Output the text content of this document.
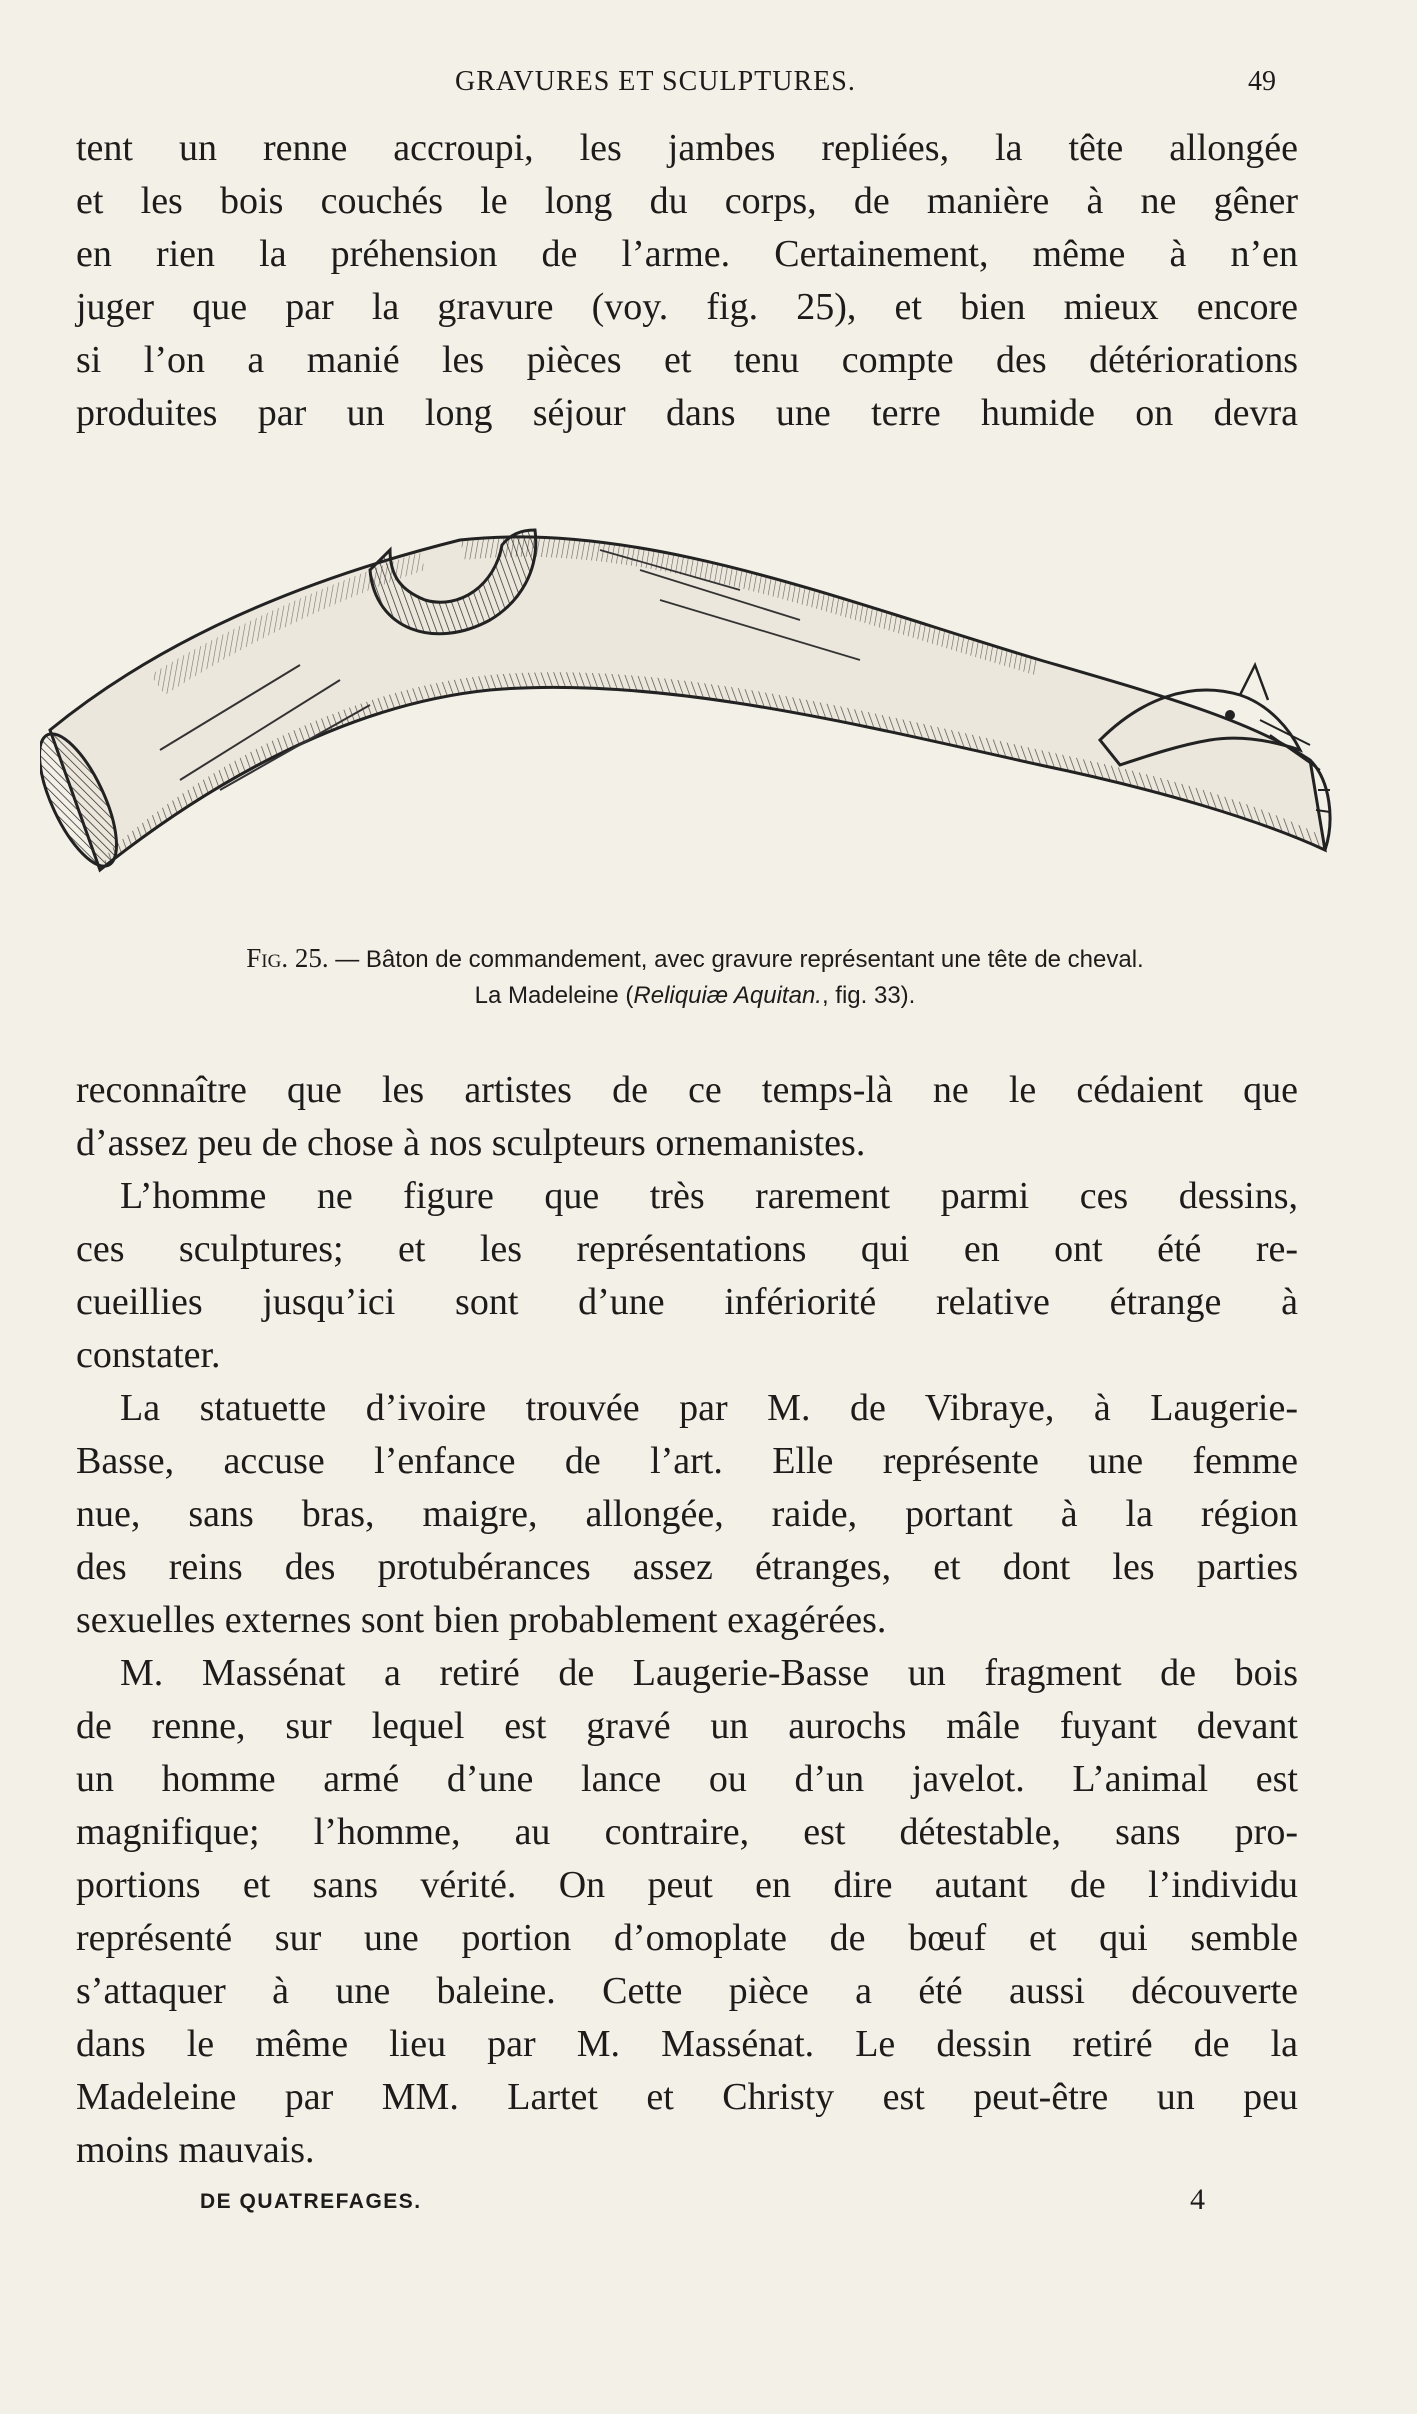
GRAVURES ET SCULPTURES.	49
tent un renne accroupi, les jambes repliées, la tête allongée
et les bois couchés le long du corps, de manière à ne gêner
en rien la préhension de l’arme. Certainement, même à n’en
juger que par la gravure (voy. fig. 25), et bien mieux encore
si l’on a manié les pièces et tenu compte des détériorations
produites par un long séjour dans une terre humide on devra
Fig. 25. — Bâton de commandement, avec gravure représentant une tête de cheval.
La Madeleine (Reliquiæ Aquitan., fig. 33).
reconnaître que les artistes de ce temps-là ne le cédaient que
d’assez peu de chose à nos sculpteurs ornemanistes.
L’homme ne figure que très rarement parmi ces dessins,
ces sculptures; et les représentations qui en ont été re-
cueillies jusqu’ici sont d’une infériorité relative étrange à
constater.
La statuette d’ivoire trouvée par M. de Vibraye, à Laugerie-
Basse, accuse l’enfance de l’art. Elle représente une femme
nue, sans bras, maigre, allongée, raide, portant à la région
des reins des protubérances assez étranges, et dont les parties
sexuelles externes sont bien probablement exagérées.
M. Massénat a retiré de Laugerie-Basse un fragment de bois
de renne, sur lequel est gravé un aurochs mâle fuyant devant
un homme armé d’une lance ou d’un javelot. L’animal est
magnifique; l’homme, au contraire, est détestable, sans pro-
portions et sans vérité. On peut en dire autant de l’individu
représenté sur une portion d’omoplate de bœuf et qui semble
s’attaquer à une baleine. Cette pièce a été aussi découverte
dans le même lieu par M. Massénat. Le dessin retiré de la
Madeleine par MM. Lartet et Christy est peut-être un peu
moins mauvais.
DE QUATREFAGES.	4
